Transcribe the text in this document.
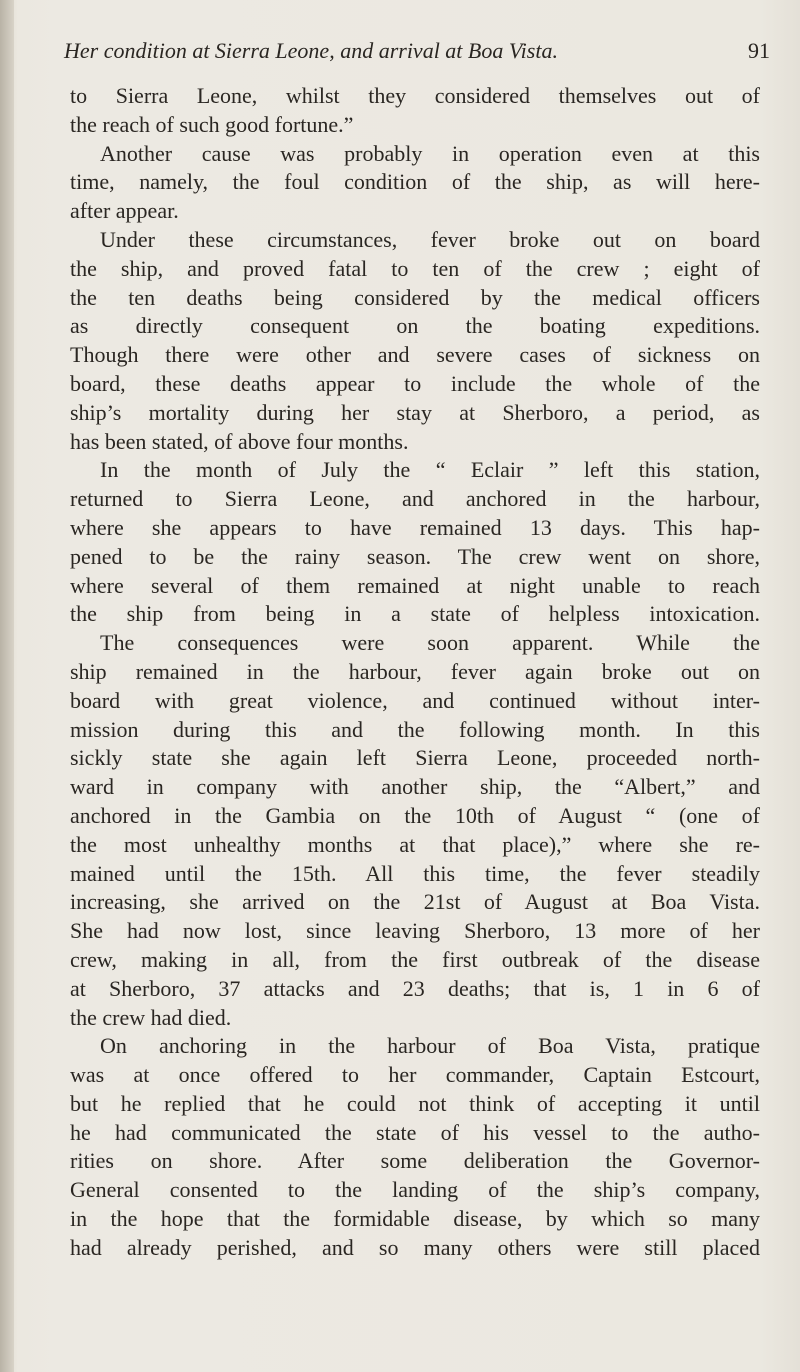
Her condition at Sierra Leone, and arrival at Boa Vista.	91
to Sierra Leone, whilst they considered themselves out of
the reach of such good fortune.”
Another cause was probably in operation even at this
time, namely, the foul condition of the ship, as will here-
after appear.
Under these circumstances, fever broke out on board
the ship, and proved fatal to ten of the crew ; eight of
the ten deaths being considered by the medical officers
as directly consequent on the boating expeditions.
Though there were other and severe cases of sickness on
board, these deaths appear to include the whole of the
ship’s mortality during her stay at Sherboro, a period, as
has been stated, of above four months.
In the month of July the “ Eclair ” left this station,
returned to Sierra Leone, and anchored in the harbour,
where she appears to have remained 13 days. This hap-
pened to be the rainy season. The crew went on shore,
where several of them remained at night unable to reach
the ship from being in a state of helpless intoxication.
The consequences were soon apparent. While the
ship remained in the harbour, fever again broke out on
board with great violence, and continued without inter-
mission during this and the following month. In this
sickly state she again left Sierra Leone, proceeded north-
ward in company with another ship, the “Albert,” and
anchored in the Gambia on the 10th of August “ (one of
the most unhealthy months at that place),” where she re-
mained until the 15th. All this time, the fever steadily
increasing, she arrived on the 21st of August at Boa Vista.
She had now lost, since leaving Sherboro, 13 more of her
crew, making in all, from the first outbreak of the disease
at Sherboro, 37 attacks and 23 deaths; that is, 1 in 6 of
the crew had died.
On anchoring in the harbour of Boa Vista, pratique
was at once offered to her commander, Captain Estcourt,
but he replied that he could not think of accepting it until
he had communicated the state of his vessel to the autho-
rities on shore. After some deliberation the Governor-
General consented to the landing of the ship’s company,
in the hope that the formidable disease, by which so many
had already perished, and so many others were still placed
